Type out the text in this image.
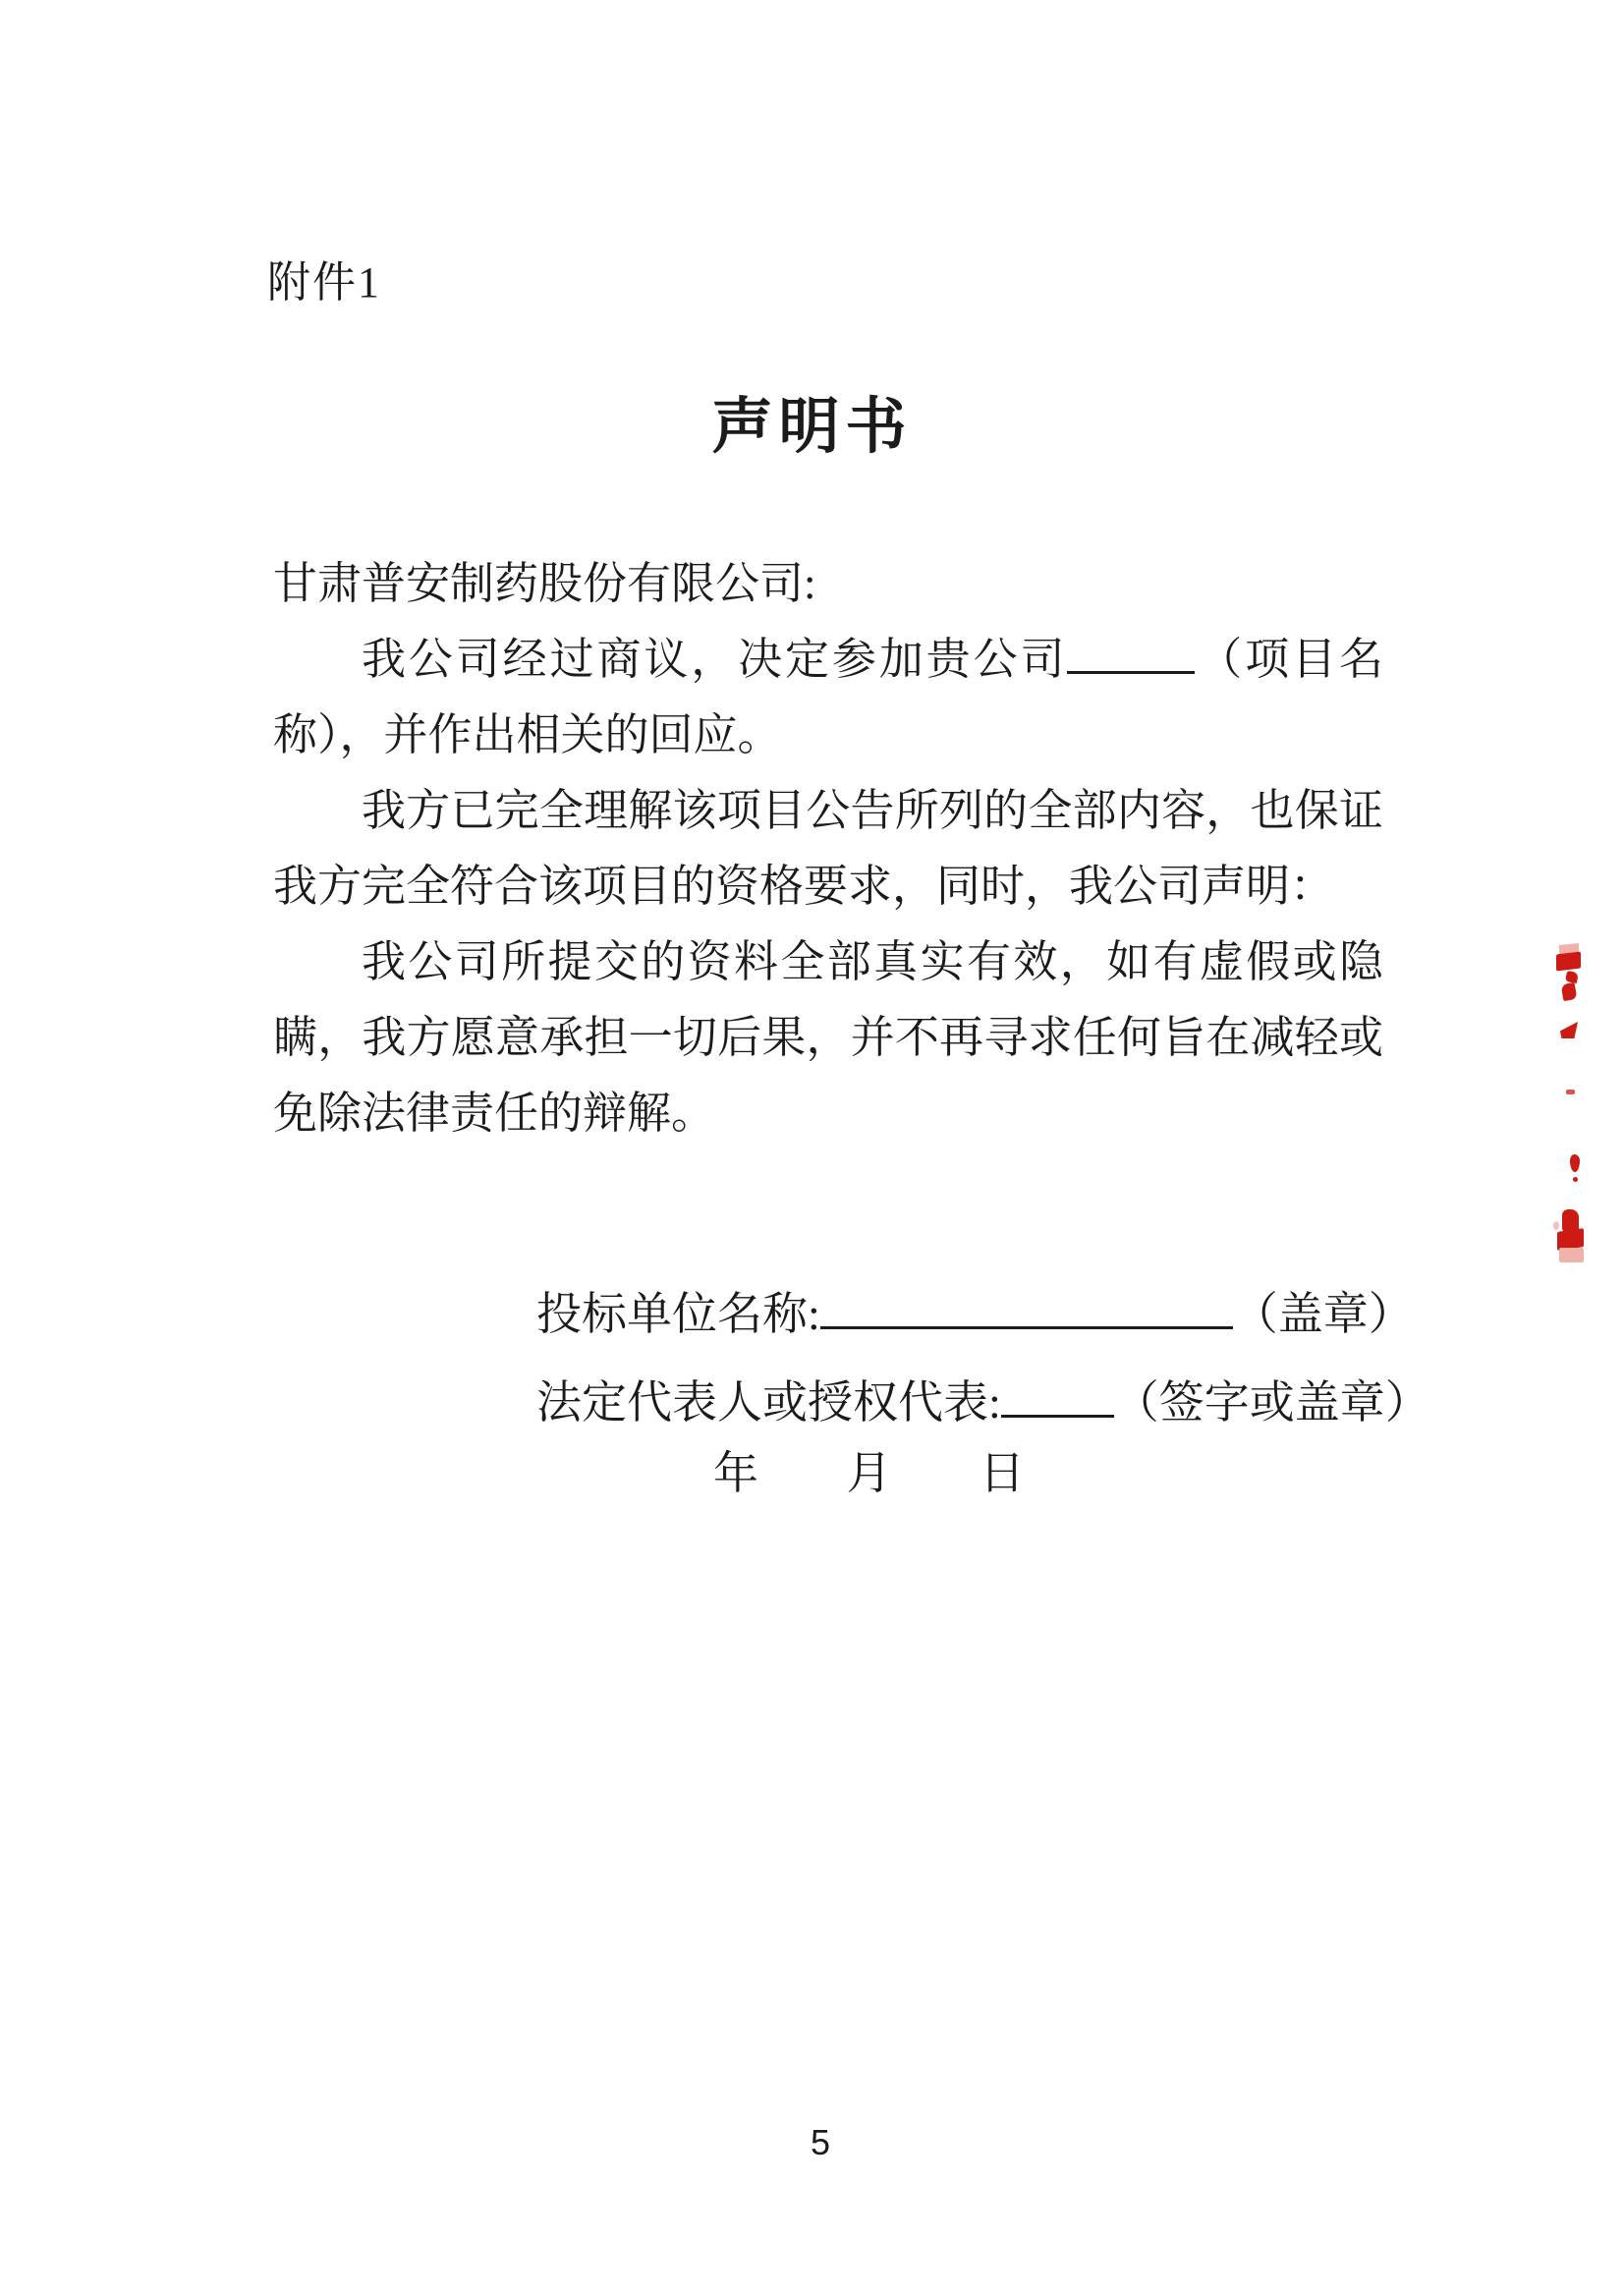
附件1
声明书

甘肃普安制药股份有限公司:

我公司经过商议，决定参加贵公司	（项目名称），并作出相关的回应。

我方已完全理解该项目公告所列的全部内容，也保证我方完全符合该项目的资格要求，同时，我公司声明：

我公司所提交的资料全部真实有效，如有虚假或隐瞒，我方愿意承担一切后果，并不再寻求任何旨在减轻或免除法律责任的辩解。

投标单位名称:	（盖章）
法定代表人或授权代表:	（签字或盖章）
年 月 日
5
